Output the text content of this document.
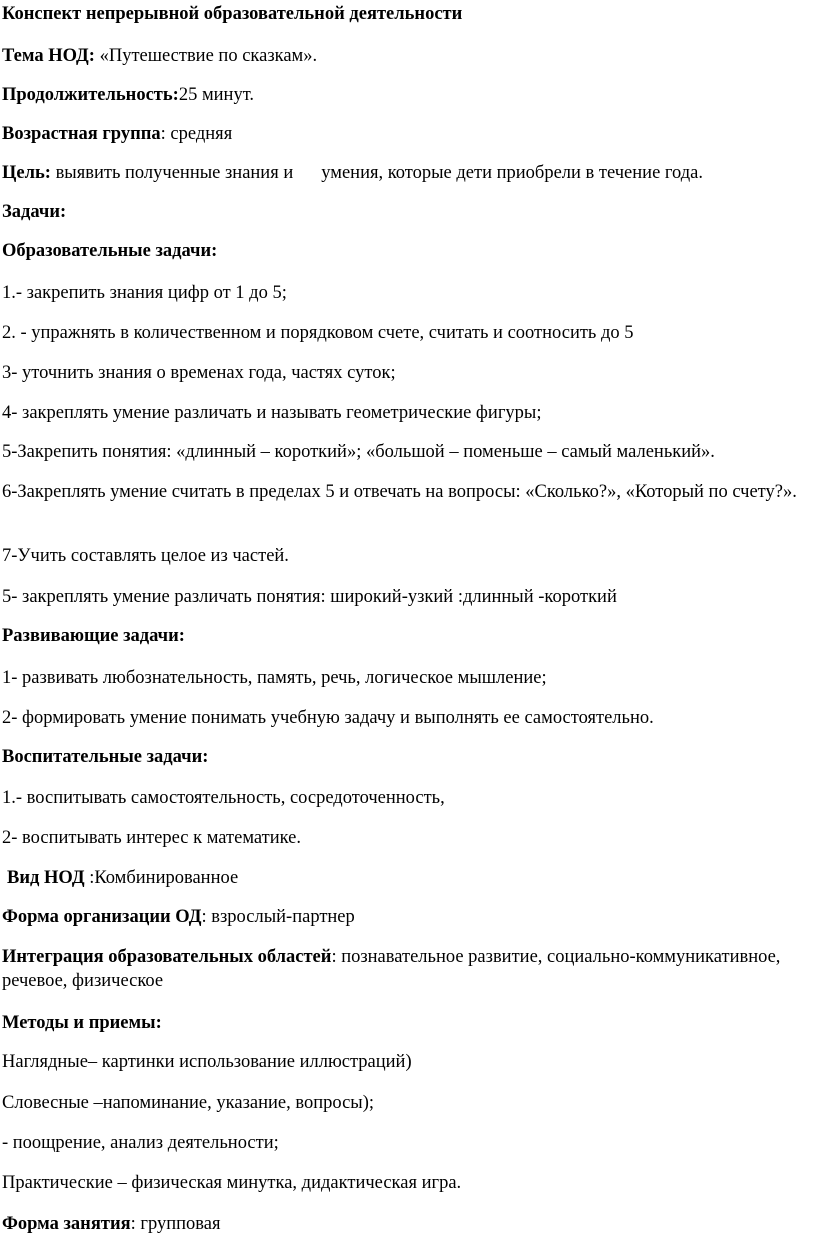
Конспект непрерывной образовательной деятельности
Тема НОД: «Путешествие по сказкам».
Продолжительность:25 минут.
Возрастная группа: средняя
Цель: выявить полученные знания и умения, которые дети приобрели в течение года.
Задачи:
Образовательные задачи:
1.- закрепить знания цифр от 1 до 5;
2. - упражнять в количественном и порядковом счете, считать и соотносить до 5
3- уточнить знания о временах года, частях суток;
4- закреплять умение различать и называть геометрические фигуры;
5-Закрепить понятия: «длинный – короткий»; «большой – поменьше – самый маленький».
6-Закреплять умение считать в пределах 5 и отвечать на вопросы: «Сколько?», «Который по счету?».
7-Учить составлять целое из частей.
5- закреплять умение различать понятия: широкий-узкий :длинный -короткий
Развивающие задачи:
1- развивать любознательность, память, речь, логическое мышление;
2- формировать умение понимать учебную задачу и выполнять ее самостоятельно.
Воспитательные задачи:
1.- воспитывать самостоятельность, сосредоточенность,
2- воспитывать интерес к математике.
Вид НОД :Комбинированное
Форма организации ОД: взрослый-партнер
Интеграция образовательных областей: познавательное развитие, социально-коммуникативное, речевое, физическое
Методы и приемы:
Наглядные– картинки использование иллюстраций)
Словесные –напоминание, указание, вопросы);
- поощрение, анализ деятельности;
Практические – физическая минутка, дидактическая игра.
Форма занятия: групповая
